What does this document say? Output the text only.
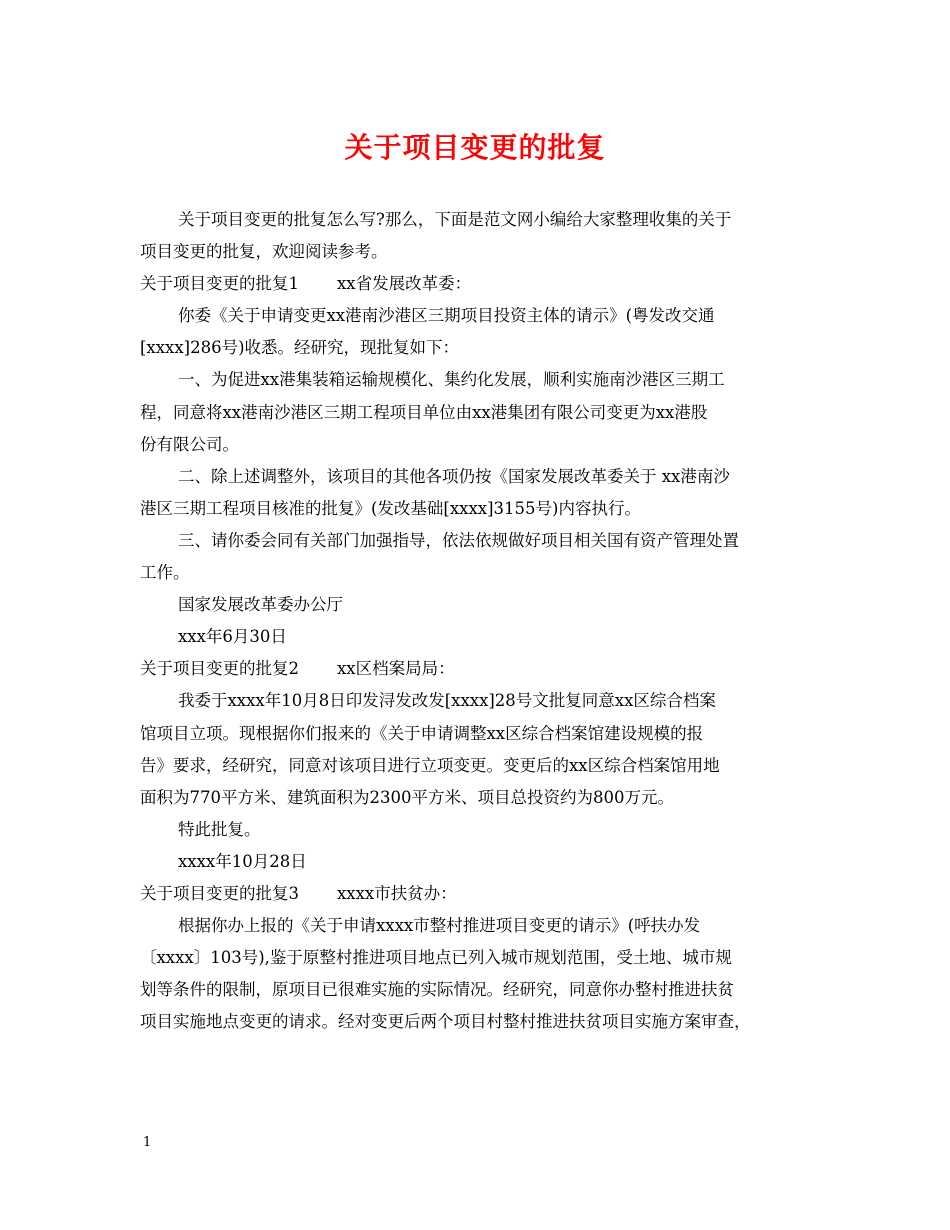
关于项目变更的批复
关于项目变更的批复怎么写?那么，下面是范文网小编给大家整理收集的关于
项目变更的批复，欢迎阅读参考。
关于项目变更的批复1 xx省发展改革委：
你委《关于申请变更xx港南沙港区三期项目投资主体的请示》(粤发改交通
[xxxx]286号)收悉。经研究，现批复如下：
一、为促进xx港集装箱运输规模化、集约化发展，顺利实施南沙港区三期工
程，同意将xx港南沙港区三期工程项目单位由xx港集团有限公司变更为xx港股
份有限公司。
二、除上述调整外，该项目的其他各项仍按《国家发展改革委关于 xx港南沙
港区三期工程项目核准的批复》(发改基础[xxxx]3155号)内容执行。
三、请你委会同有关部门加强指导，依法依规做好项目相关国有资产管理处置
工作。
国家发展改革委办公厅
xxx年6月30日
关于项目变更的批复2 xx区档案局局：
我委于xxxx年10月8日印发浔发改发[xxxx]28号文批复同意xx区综合档案
馆项目立项。现根据你们报来的《关于申请调整xx区综合档案馆建设规模的报
告》要求，经研究，同意对该项目进行立项变更。变更后的xx区综合档案馆用地
面积为770平方米、建筑面积为2300平方米、项目总投资约为800万元。
特此批复。
xxxx年10月28日
关于项目变更的批复3 xxxx市扶贫办：
根据你办上报的《关于申请xxxx市整村推进项目变更的请示》(呼扶办发
〔xxxx〕103号),鉴于原整村推进项目地点已列入城市规划范围，受土地、城市规
划等条件的限制，原项目已很难实施的实际情况。经研究，同意你办整村推进扶贫
项目实施地点变更的请求。经对变更后两个项目村整村推进扶贫项目实施方案审查，
1
